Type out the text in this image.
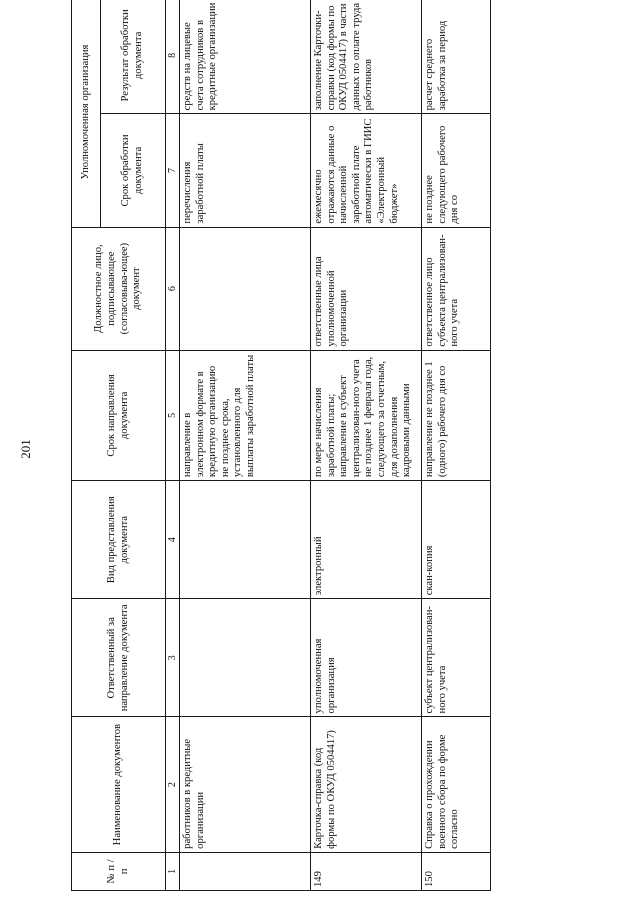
201
№ п / п	Наименование документов	Ответственный за направление документа	Вид представления документа	Срок направления документа	Должностное лицо, подписывающее (согласовыва-ющее) документ	Уполномоченная организация	
						Срок обработки документа	Результат обработки документа	
1	2	3	4	5	6	7	8	
	работников в кредитные организации			направление в электронном формате в кредитную организацию не позднее срока, установленного для выплаты заработной платы		перечисления заработной платы	средств на лицевые счета сотрудников в кредитные организации	
149	Карточка-справка (код формы по ОКУД 0504417)	уполномоченная организация	электронный	по мере начисления заработной платы; направление в субъект централизован-ного учета не позднее 1 февраля года, следующего за отчетным, для дозаполнения кадровыми данными	ответственные лица уполномоченной организации	ежемесячно отражаются данные о начисленной заработной плате автоматически в ГИИС «Электронный бюджет»	заполнение Карточки-справки (код формы по ОКУД 0504417) в части данных по оплате труда работников	
150	Справка о прохождении военного сбора по форме согласно	субъект централизован-ного учета	скан-копия	направление не позднее 1 (одного) рабочего дня со	ответственное лицо субъекта централизован-ного учета	не позднее следующего рабочего дня со	расчет среднего заработка за период	
